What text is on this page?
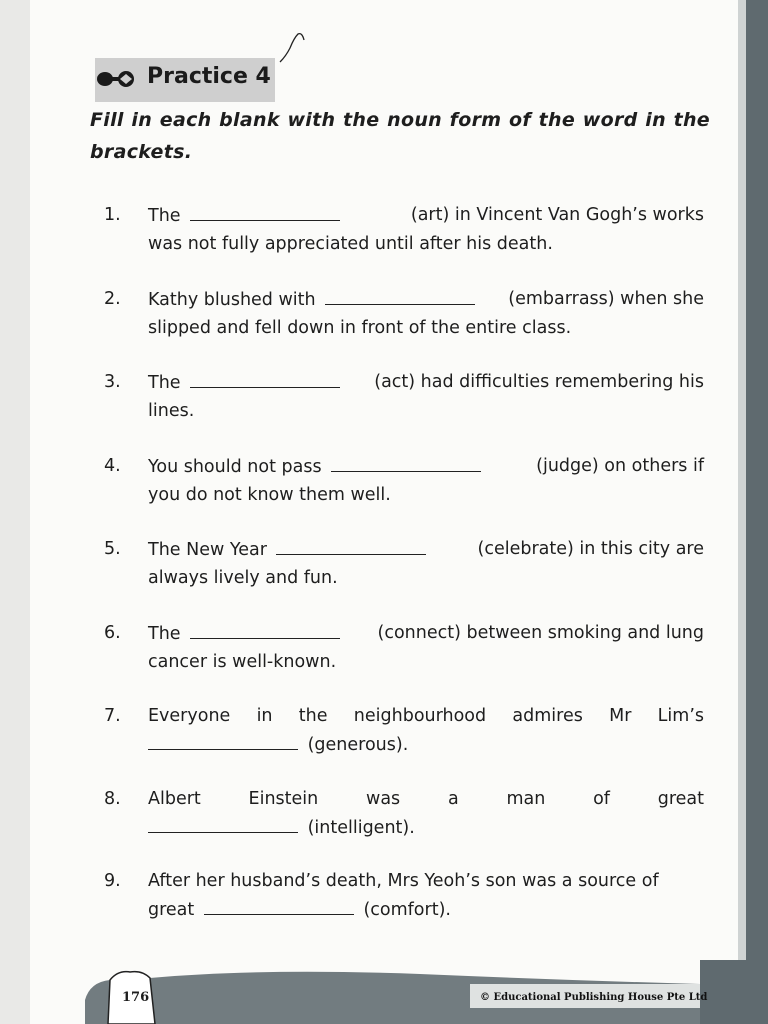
Practice 4
Fill in each blank with the noun form of the word in the brackets.
1. The	(art) in Vincent Van Gogh’s works
was not fully appreciated until after his death.
2. Kathy blushed with	(embarrass) when she
slipped and fell down in front of the entire class.
3. The	(act) had difficulties remembering his
lines.
4. You should not pass	(judge) on others if
you do not know them well.
5. The New Year	(celebrate) in this city are
always lively and fun.
6. The	(connect) between smoking and lung
cancer is well-known.
7. Everyone in the neighbourhood admires Mr Lim’s
(generous).
8. Albert	Einstein	was	a	man	of	great
(intelligent).
9. After her husband’s death, Mrs Yeoh’s son was a source of
great	(comfort).
176	© Educational Publishing House Pte Ltd
